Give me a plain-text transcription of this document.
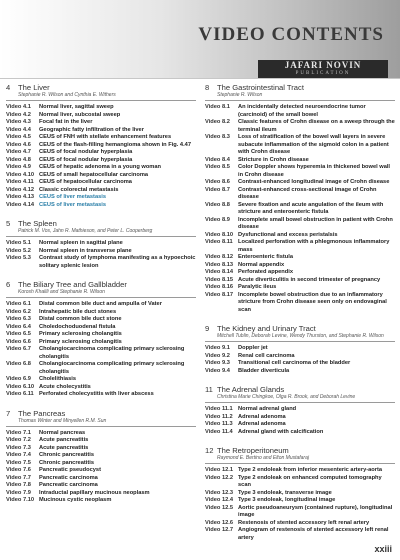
VIDEO CONTENTS
JAFARI NOVIN
PUBLICATION
4 The Liver
Stephanie R. Wilson and Cynthia E. Withers
Video 4.1	Normal liver, sagittal sweep
Video 4.2	Normal liver, subcostal sweep
Video 4.3	Focal fat in the liver
Video 4.4	Geographic fatty infiltration of the liver
Video 4.5	CEUS of FNH with stellate enhancement features
Video 4.6	CEUS of the flash-filling hemangioma shown in Fig. 4.47
Video 4.7	CEUS of focal nodular hyperplasia
Video 4.8	CEUS of focal nodular hyperplasia
Video 4.9	CEUS of hepatic adenoma in a young woman
Video 4.10 CEUS of small hepatocellular carcinoma
Video 4.11 CEUS of hepatocellular carcinoma
Video 4.12 Classic colorectal metastasis
Video 4.13 CEUS of liver metastasis
Video 4.14 CEUS of liver metastasis
5 The Spleen
Patrick M. Vos, Jahn R. Mathieson, and Peter L. Cooperberg
Video 5.1	Normal spleen in sagittal plane
Video 5.2	Normal spleen in transverse plane
Video 5.3	Contrast study of lymphoma manifesting as a hypoechoic solitary splenic lesion
6 The Biliary Tree and Gallbladder
Korosh Khalili and Stephanie R. Wilson
Video 6.1	Distal common bile duct and ampulla of Vater
Video 6.2	Intrahepatic bile duct stones
Video 6.3	Distal common bile duct stone
Video 6.4	Choledochoduodenal fistula
Video 6.5	Primary sclerosing cholangitis
Video 6.6	Primary sclerosing cholangitis
Video 6.7	Cholangiocarcinoma complicating primary sclerosing cholangitis
Video 6.8	Cholangiocarcinoma complicating primary sclerosing cholangitis
Video 6.9	Cholelithiasis
Video 6.10 Acute cholecystitis
Video 6.11 Perforated cholecystitis with liver abscess
7 The Pancreas
Thomas Winter and Minyellen R.M. Sun
Video 7.1	Normal pancreas
Video 7.2	Acute pancreatitis
Video 7.3	Acute pancreatitis
Video 7.4	Chronic pancreatitis
Video 7.5	Chronic pancreatitis
Video 7.6	Pancreatic pseudocyst
Video 7.7	Pancreatic carcinoma
Video 7.8	Pancreatic carcinoma
Video 7.9	Intraductal papillary mucinous neoplasm
Video 7.10 Mucinous cystic neoplasm
8 The Gastrointestinal Tract
Stephanie R. Wilson
Video 8.1	An incidentally detected neuroendocrine tumor (carcinoid) of the small bowel
Video 8.2	Classic features of Crohn disease on a sweep through the terminal ileum
Video 8.3	Loss of stratification of the bowel wall layers in severe subacute inflammation of the sigmoid colon in a patient with Crohn disease
Video 8.4	Stricture in Crohn disease
Video 8.5	Color Doppler shows hyperemia in thickened bowel wall in Crohn disease
Video 8.6	Contrast-enhanced longitudinal image of Crohn disease
Video 8.7	Contrast-enhanced cross-sectional image of Crohn disease
Video 8.8	Severe fixation and acute angulation of the ileum with stricture and enteroenteric fistula
Video 8.9	Incomplete small bowel obstruction in patient with Crohn disease
Video 8.10 Dysfunctional and excess peristalsis
Video 8.11 Localized perforation with a phlegmonous inflammatory mass
Video 8.12 Enteroenteric fistula
Video 8.13 Normal appendix
Video 8.14 Perforated appendix
Video 8.15 Acute diverticulitis in second trimester of pregnancy
Video 8.16 Paralytic ileus
Video 8.17 Incomplete bowel obstruction due to an inflammatory stricture from Crohn disease seen only on endovaginal scan
9 The Kidney and Urinary Tract
Mitchell Tublin, Deborah Levine, Wendy Thurston, and Stephanie R. Wilson
Video 9.1	Doppler jet
Video 9.2	Renal cell carcinoma
Video 9.3	Transitional cell carcinoma of the bladder
Video 9.4	Bladder diverticula
11 The Adrenal Glands
Christina Marie Chingkoe, Olga R. Brook, and Deborah Levine
Video 11.1 Normal adrenal gland
Video 11.2 Adrenal adenoma
Video 11.3 Adrenal adenoma
Video 11.4 Adrenal gland with calcification
12 The Retroperitoneum
Raymond E. Bertino and Elton Mustafaraj
Video 12.1 Type 2 endoleak from inferior mesenteric artery-aorta
Video 12.2 Type 2 endoleak on enhanced computed tomography scan
Video 12.3 Type 3 endoleak, transverse image
Video 12.4 Type 3 endoleak, longitudinal image
Video 12.5 Aortic pseudoaneurysm (contained rupture), longitudinal image
Video 12.6 Restenosis of stented accessory left renal artery
Video 12.7 Angiogram of restenosis of stented accessory left renal artery
xxiii
